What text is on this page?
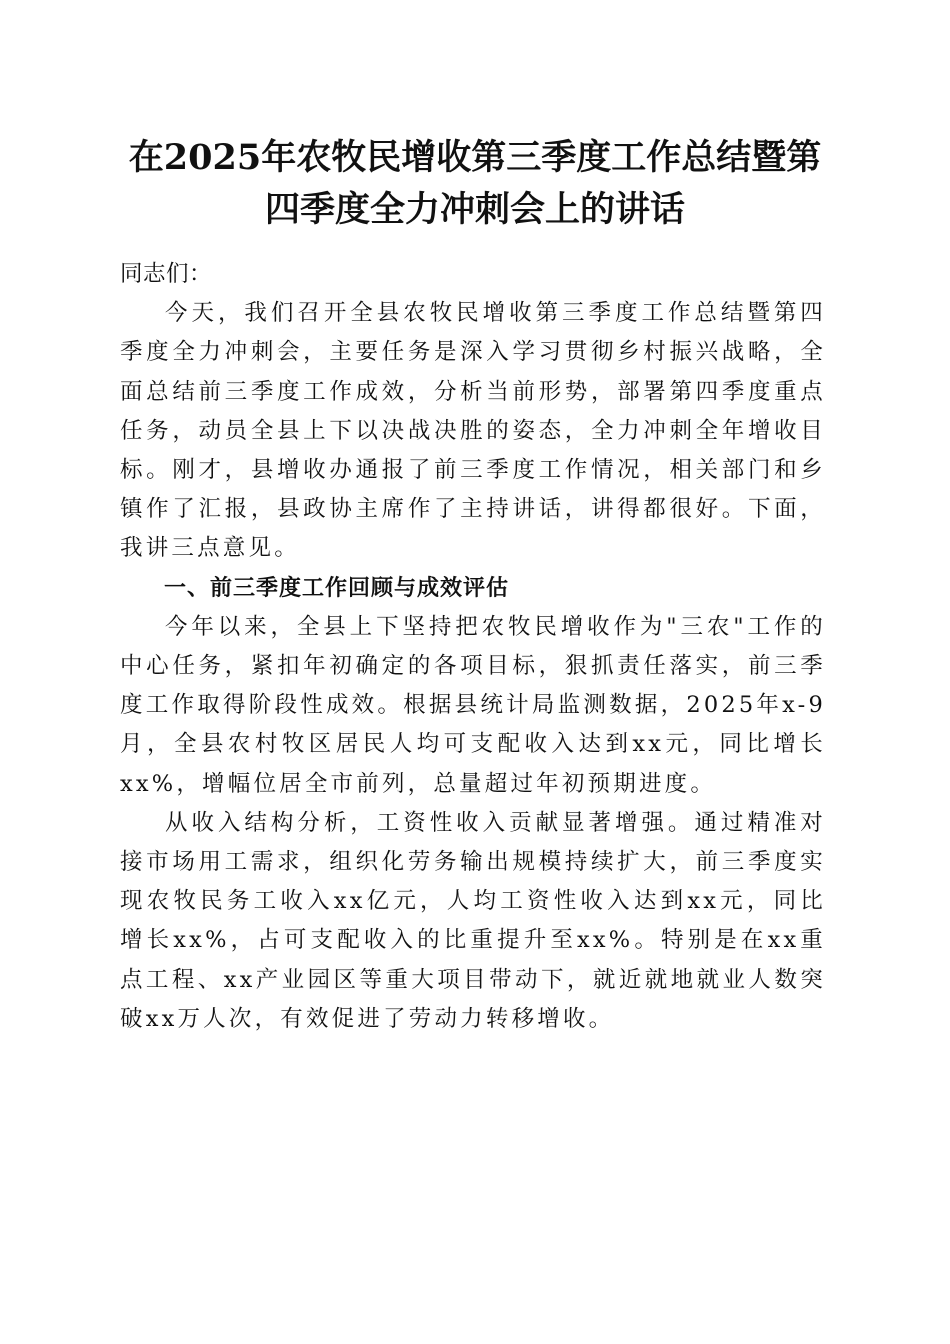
在2025年农牧民增收第三季度工作总结暨第
四季度全力冲刺会上的讲话

同志们：

今天，我们召开全县农牧民增收第三季度工作总结暨第四季度全力冲刺会，主要任务是深入学习贯彻乡村振兴战略，全面总结前三季度工作成效，分析当前形势，部署第四季度重点任务，动员全县上下以决战决胜的姿态，全力冲刺全年增收目标。刚才，县增收办通报了前三季度工作情况，相关部门和乡镇作了汇报，县政协主席作了主持讲话，讲得都很好。下面，我讲三点意见。

一、前三季度工作回顾与成效评估

今年以来，全县上下坚持把农牧民增收作为"三农"工作的中心任务，紧扣年初确定的各项目标，狠抓责任落实，前三季度工作取得阶段性成效。根据县统计局监测数据，2025年x-9月，全县农村牧区居民人均可支配收入达到xx元，同比增长xx%，增幅位居全市前列，总量超过年初预期进度。

从收入结构分析，工资性收入贡献显著增强。通过精准对接市场用工需求，组织化劳务输出规模持续扩大，前三季度实现农牧民务工收入xx亿元，人均工资性收入达到xx元，同比增长xx%，占可支配收入的比重提升至xx%。特别是在xx重点工程、xx产业园区等重大项目带动下，就近就地就业人数突破xx万人次，有效促进了劳动力转移增收。
